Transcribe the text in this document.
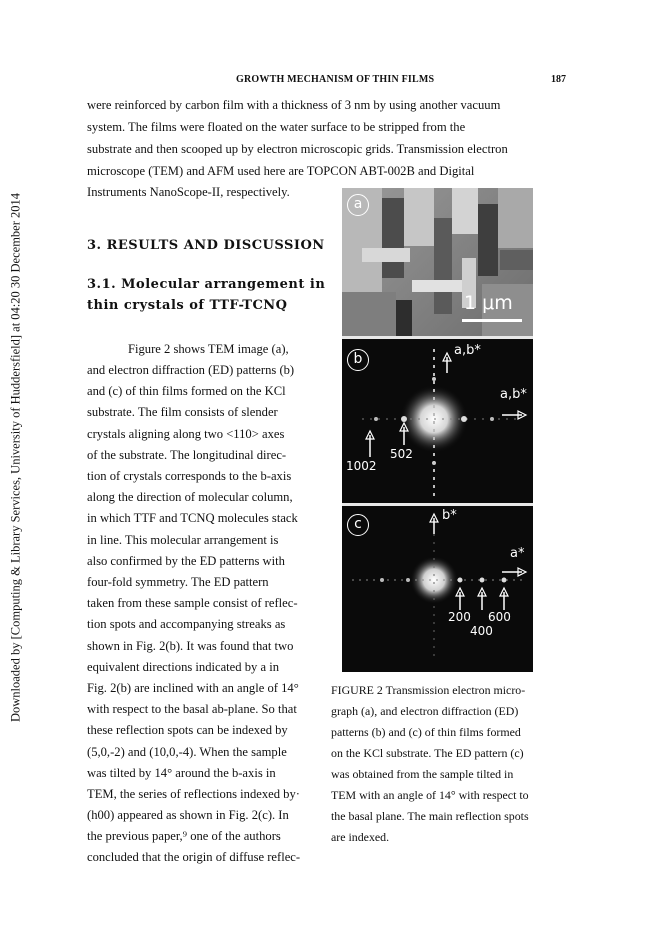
Downloaded by [Computing & Library Services, University of Huddersfield] at 04:20 30 December 2014
GROWTH MECHANISM OF THIN FILMS	187
were reinforced by carbon film with a thickness of 3 nm by using another vacuum
system. The films were floated on the water surface to be stripped from the
substrate and then scooped up by electron microscopic grids. Transmission electron
microscope (TEM) and AFM used here are TOPCON ABT-002B and Digital
Instruments NanoScope-II, respectively.
3. RESULTS AND DISCUSSION
3.1. Molecular arrangement in
thin crystals of TTF-TCNQ
Figure 2 shows TEM image (a),
and electron diffraction (ED) patterns (b)
and (c) of thin films formed on the KCl
substrate. The film consists of slender
crystals aligning along two <110> axes
of the substrate. The longitudinal direc-
tion of crystals corresponds to the b-axis
along the direction of molecular column,
in which TTF and TCNQ molecules stack
in line. This molecular arrangement is
also confirmed by the ED patterns with
four-fold symmetry. The ED pattern
taken from these sample consist of reflec-
tion spots and accompanying streaks as
shown in Fig. 2(b). It was found that two
equivalent directions indicated by a in
Fig. 2(b) are inclined with an angle of 14°
with respect to the basal ab-plane. So that
these reflection spots can be indexed by
(5,0,-2) and (10,0,-4). When the sample
was tilted by 14° around the b-axis in
TEM, the series of reflections indexed by·
(h00) appeared as shown in Fig. 2(c). In
the previous paper,⁹ one of the authors
concluded that the origin of diffuse reflec-
a
1 μm
b
a,b*
a,b*
1002
502
c
b*
a*
200 600
400
FIGURE 2 Transmission electron micro-
graph (a), and electron diffraction (ED)
patterns (b) and (c) of thin films formed
on the KCl substrate. The ED pattern (c)
was obtained from the sample tilted in
TEM with an angle of 14° with respect to
the basal plane. The main reflection spots
are indexed.
